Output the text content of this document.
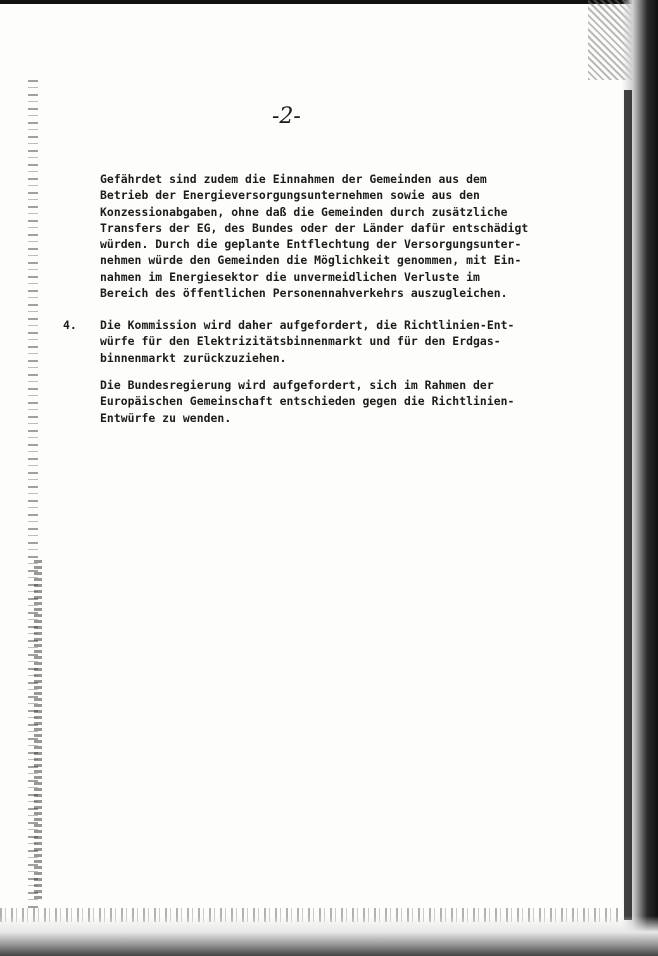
-2-
Gefährdet sind zudem die Einnahmen der Gemeinden aus dem
Betrieb der Energieversorgungsunternehmen sowie aus den
Konzessionabgaben, ohne daß die Gemeinden durch zusätzliche
Transfers der EG, des Bundes oder der Länder dafür entschädigt
würden. Durch die geplante Entflechtung der Versorgungsunter-
nehmen würde den Gemeinden die Möglichkeit genommen, mit Ein-
nahmen im Energiesektor die unvermeidlichen Verluste im
Bereich des öffentlichen Personennahverkehrs auszugleichen.
4. Die Kommission wird daher aufgefordert, die Richtlinien-Ent-
würfe für den Elektrizitätsbinnenmarkt und für den Erdgas-
binnenmarkt zurückzuziehen.
Die Bundesregierung wird aufgefordert, sich im Rahmen der
Europäischen Gemeinschaft entschieden gegen die Richtlinien-
Entwürfe zu wenden.
